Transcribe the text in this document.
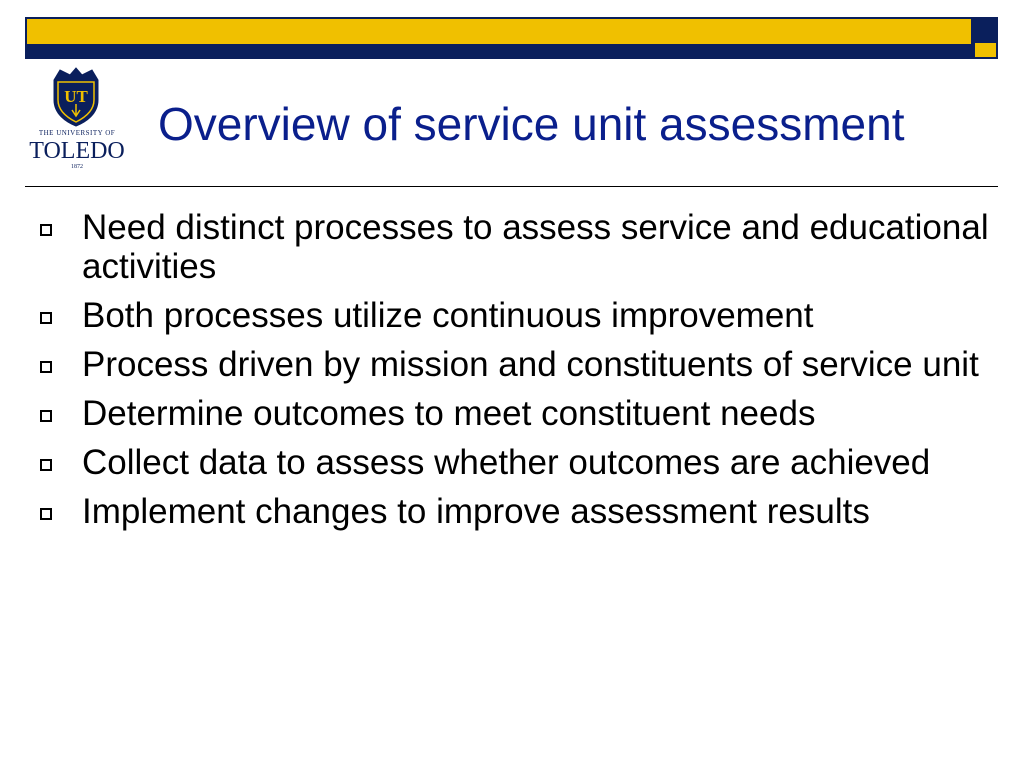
UT
THE UNIVERSITY OF
TOLEDO
1872
Overview of service unit assessment
Need distinct processes to assess service and educational activities
Both processes utilize continuous improvement
Process driven by mission and constituents of service unit
Determine outcomes to meet constituent needs
Collect data to assess whether outcomes are achieved
Implement changes to improve assessment results
